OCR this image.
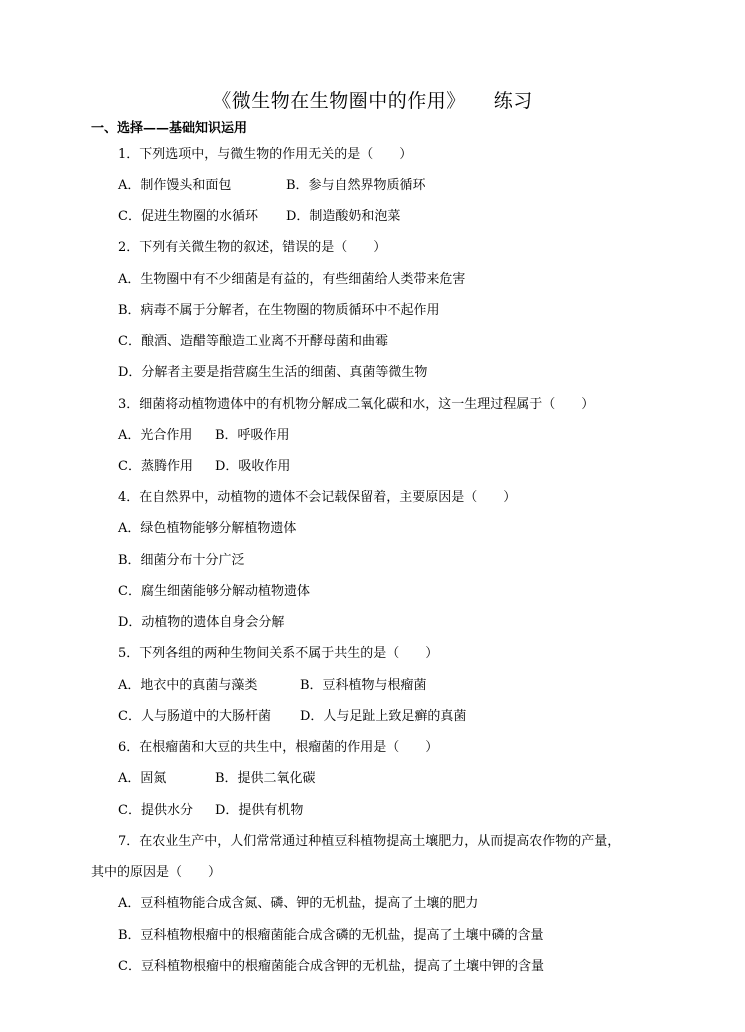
《微生物在生物圈中的作用》 练习
一、选择——基础知识运用
1．下列选项中，与微生物的作用无关的是（　　）
A．制作馒头和面包	B．参与自然界物质循环
C．促进生物圈的水循环 D．制造酸奶和泡菜
2．下列有关微生物的叙述，错误的是（　　）
A．生物圈中有不少细菌是有益的，有些细菌给人类带来危害
B．病毒不属于分解者，在生物圈的物质循环中不起作用
C．酿酒、造醋等酿造工业离不开酵母菌和曲霉
D．分解者主要是指营腐生生活的细菌、真菌等微生物
3．细菌将动植物遗体中的有机物分解成二氧化碳和水，这一生理过程属于（　　）
A．光合作用 B．呼吸作用
C．蒸腾作用 D．吸收作用
4．在自然界中，动植物的遗体不会记载保留着，主要原因是（　　）
A．绿色植物能够分解植物遗体
B．细菌分布十分广泛
C．腐生细菌能够分解动植物遗体
D．动植物的遗体自身会分解
5．下列各组的两种生物间关系不属于共生的是（　　）
A．地衣中的真菌与藻类	B．豆科植物与根瘤菌
C．人与肠道中的大肠杆菌 D．人与足趾上致足癣的真菌
6．在根瘤菌和大豆的共生中，根瘤菌的作用是（　　）
A．固氮	B．提供二氧化碳
C．提供水分 D．提供有机物
7．在农业生产中，人们常常通过种植豆科植物提高土壤肥力，从而提高农作物的产量，
其中的原因是（　　）
A．豆科植物能合成含氮、磷、钾的无机盐，提高了土壤的肥力
B．豆科植物根瘤中的根瘤菌能合成含磷的无机盐，提高了土壤中磷的含量
C．豆科植物根瘤中的根瘤菌能合成含钾的无机盐，提高了土壤中钾的含量
